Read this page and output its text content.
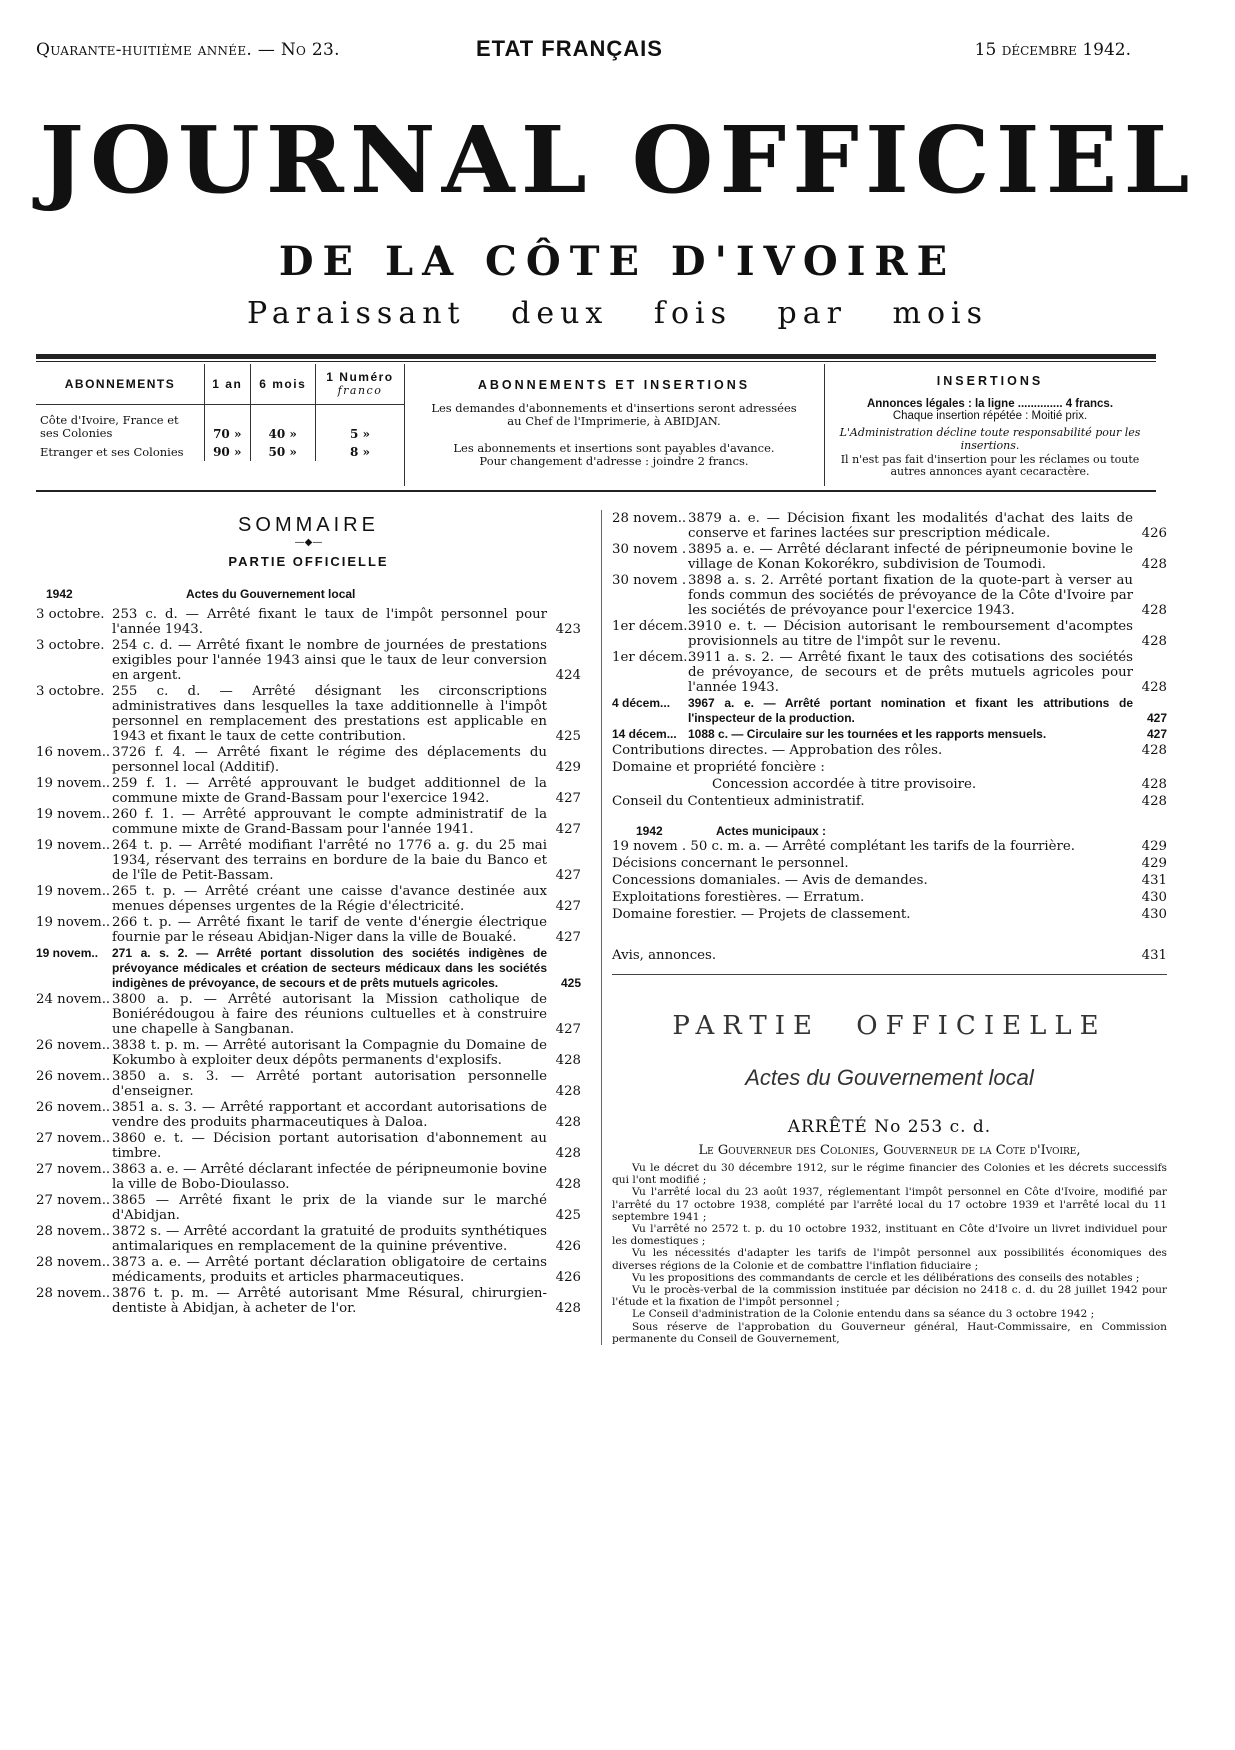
Quarante-huitième année. — No 23.	ETAT FRANÇAIS	15 décembre 1942.
JOURNAL OFFICIEL
DE LA CÔTE D'IVOIRE
Paraissant deux fois par mois
ABONNEMENTS	1 an	6 mois	1 Numéro
franco

Côte d'Ivoire, France et ses Colonies	70 »	40 »	5 »
Etranger et ses Colonies	90 »	50 »	8 »
ABONNEMENTS ET INSERTIONS
Les demandes d'abonnements et d'insertions seront adressées au Chef de l'Imprimerie, à ABIDJAN.
Les abonnements et insertions sont payables d'avance.
Pour changement d'adresse : joindre 2 francs.
INSERTIONS
Annonces légales : la ligne .............. 4 francs.
Chaque insertion répétée : Moitié prix.
L'Administration décline toute responsabilité pour les insertions.
Il n'est pas fait d'insertion pour les réclames ou toute autres annonces ayant cecaractère.
SOMMAIRE
—◆—
PARTIE OFFICIELLE
1942	Actes du Gouvernement local
3 octobre. 253 c. d. — Arrêté fixant le taux de l'impôt personnel pour l'année 1943.	423
3 octobre. 254 c. d. — Arrêté fixant le nombre de journées de prestations exigibles pour l'année 1943 ainsi que le taux de leur conversion en argent.	424
3 octobre. 255 c. d. — Arrêté désignant les circonscriptions administratives dans lesquelles la taxe additionnelle à l'impôt personnel en remplacement des prestations est applicable en 1943 et fixant le taux de cette contribution.	425
16 novem.. 3726 f. 4. — Arrêté fixant le régime des déplacements du personnel local (Additif).	429
19 novem.. 259 f. 1. — Arrêté approuvant le budget additionnel de la commune mixte de Grand-Bassam pour l'exercice 1942.	427
19 novem.. 260 f. 1. — Arrêté approuvant le compte administratif de la commune mixte de Grand-Bassam pour l'année 1941.	427
19 novem.. 264 t. p. — Arrêté modifiant l'arrêté no 1776 a. g. du 25 mai 1934, réservant des terrains en bordure de la baie du Banco et de l'île de Petit-Bassam.	427
19 novem.. 265 t. p. — Arrêté créant une caisse d'avance destinée aux menues dépenses urgentes de la Régie d'électricité.	427
19 novem.. 266 t. p. — Arrêté fixant le tarif de vente d'énergie électrique fournie par le réseau Abidjan-Niger dans la ville de Bouaké.	427
19 novem..	271 a. s. 2. — Arrêté portant dissolution des sociétés indigènes de prévoyance médicales et création de secteurs médicaux dans les sociétés indigènes de prévoyance, de secours et de prêts mutuels agricoles.	425
24 novem.. 3800 a. p. — Arrêté autorisant la Mission catholique de Boniérédougou à faire des réunions cultuelles et à construire une chapelle à Sangbanan.	427
26 novem.. 3838 t. p. m. — Arrêté autorisant la Compagnie du Domaine de Kokumbo à exploiter deux dépôts permanents d'explosifs.	428
26 novem.. 3850 a. s. 3. — Arrêté portant autorisation personnelle d'enseigner.	428
26 novem.. 3851 a. s. 3. — Arrêté rapportant et accordant autorisations de vendre des produits pharmaceutiques à Daloa.	428
27 novem.. 3860 e. t. — Décision portant autorisation d'abonnement au timbre.	428
27 novem.. 3863 a. e. — Arrêté déclarant infectée de péripneumonie bovine la ville de Bobo-Dioulasso.	428
27 novem.. 3865 — Arrêté fixant le prix de la viande sur le marché d'Abidjan.	425
28 novem.. 3872 s. — Arrêté accordant la gratuité de produits synthétiques antimalariques en remplacement de la quinine préventive.	426
28 novem.. 3873 a. e. — Arrêté portant déclaration obligatoire de certains médicaments, produits et articles pharmaceutiques.	426
28 novem.. 3876 t. p. m. — Arrêté autorisant Mme Résural, chirurgien-dentiste à Abidjan, à acheter de l'or.	428
28 novem.. 3879 a. e. — Décision fixant les modalités d'achat des laits de conserve et farines lactées sur prescription médicale.	426
30 novem . 3895 a. e. — Arrêté déclarant infecté de péripneumonie bovine le village de Konan Kokorékro, subdivision de Toumodi.	428
30 novem . 3898 a. s. 2. Arrêté portant fixation de la quote-part à verser au fonds commun des sociétés de prévoyance de la Côte d'Ivoire par les sociétés de prévoyance pour l'exercice 1943.	428
1er décem..
3910 e. t. — Décision autorisant le remboursement d'acomptes provisionnels au titre de l'impôt sur le revenu.	428
1er décem..
3911 a. s. 2. — Arrêté fixant le taux des cotisations des sociétés de prévoyance, de secours et de prêts mutuels agricoles pour l'année 1943.	428
4 décem...	3967 a. e. — Arrêté portant nomination et fixant les attributions de l'inspecteur de la production.	427
14 décem... 1088 c. — Circulaire sur les tournées et les rapports mensuels.	427
Contributions directes. — Approbation des rôles.	428
Domaine et propriété foncière :
Concession accordée à titre provisoire.	428
Conseil du Contentieux administratif.	428
1942	Actes municipaux :
19 novem . 50 c. m. a. — Arrêté complétant les tarifs de la fourrière.	429
Décisions concernant le personnel.	429
Concessions domaniales. — Avis de demandes.	431
Exploitations forestières. — Erratum.	430
Domaine forestier. — Projets de classement.	430
Avis, annonces.	431
PARTIE OFFICIELLE
Actes du Gouvernement local
ARRÊTÉ No 253 c. d.
Le Gouverneur des Colonies, Gouverneur de la Cote d'Ivoire,

Vu le décret du 30 décembre 1912, sur le régime financier des Colonies et les décrets successifs qui l'ont modifié ;

Vu l'arrêté local du 23 août 1937, réglementant l'impôt personnel en Côte d'Ivoire, modifié par l'arrêté du 17 octobre 1938, complété par l'arrêté local du 17 octobre 1939 et l'arrêté local du 11 septembre 1941 ;

Vu l'arrêté no 2572 t. p. du 10 octobre 1932, instituant en Côte d'Ivoire un livret individuel pour les domestiques ;

Vu les nécessités d'adapter les tarifs de l'impôt personnel aux possibilités économiques des diverses régions de la Colonie et de combattre l'inflation fiduciaire ;

Vu les propositions des commandants de cercle et les délibérations des conseils des notables ;

Vu le procès-verbal de la commission instituée par décision no 2418 c. d. du 28 juillet 1942 pour l'étude et la fixation de l'impôt personnel ;

Le Conseil d'administration de la Colonie entendu dans sa séance du 3 octobre 1942 ;

Sous réserve de l'approbation du Gouverneur général, Haut-Commissaire, en Commission permanente du Conseil de Gouvernement,
